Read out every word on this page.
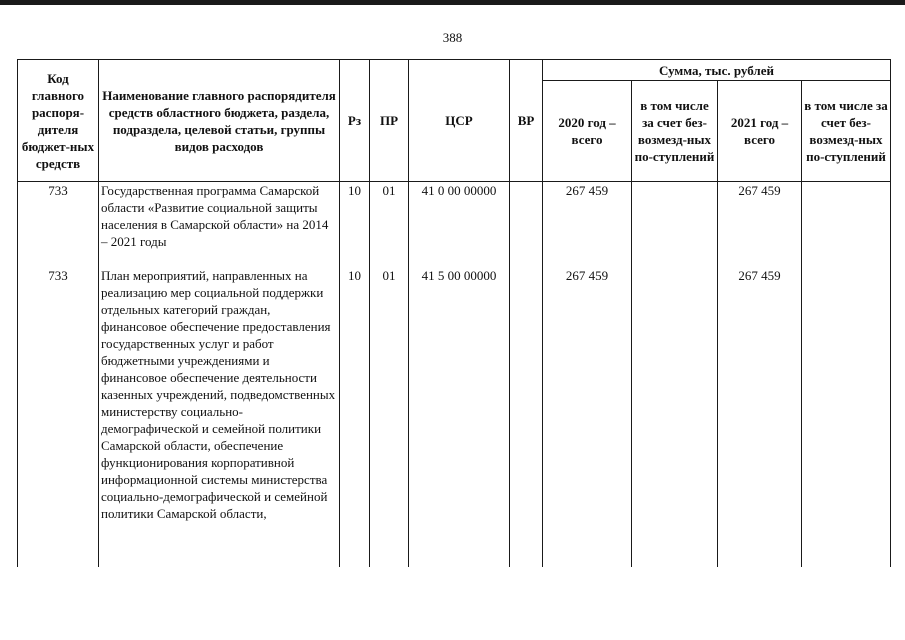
388
Код главного распоря-дителя бюджет-ных средств	Наименование главного распорядителя средств областного бюджета, раздела, подраздела, целевой статьи, группы видов расходов	Рз	ПР	ЦСР	ВР	Сумма, тыс. рублей			
						2020 год – всего	в том числе за счет без-возмезд-ных по-ступлений	2021 год – всего	в том числе за счет без-возмезд-ных по-ступлений
733	Государственная программа Самарской области «Развитие социальной защиты населения в Самарской области» на 2014 – 2021 годы	10	01	41 0 00 00000		267 459		267 459	
733	План мероприятий, направленных на реализацию мер социальной поддержки отдельных категорий граждан, финансовое обеспечение предоставления государственных услуг и работ бюджетными учреждениями и финансовое обеспечение деятельности казенных учреждений, подведомственных министерству социально-демографической и семейной политики Самарской области, обеспечение функционирования корпоративной информационной системы министерства социально-демографической и семейной политики Самарской области,	10	01	41 5 00 00000		267 459		267 459	
